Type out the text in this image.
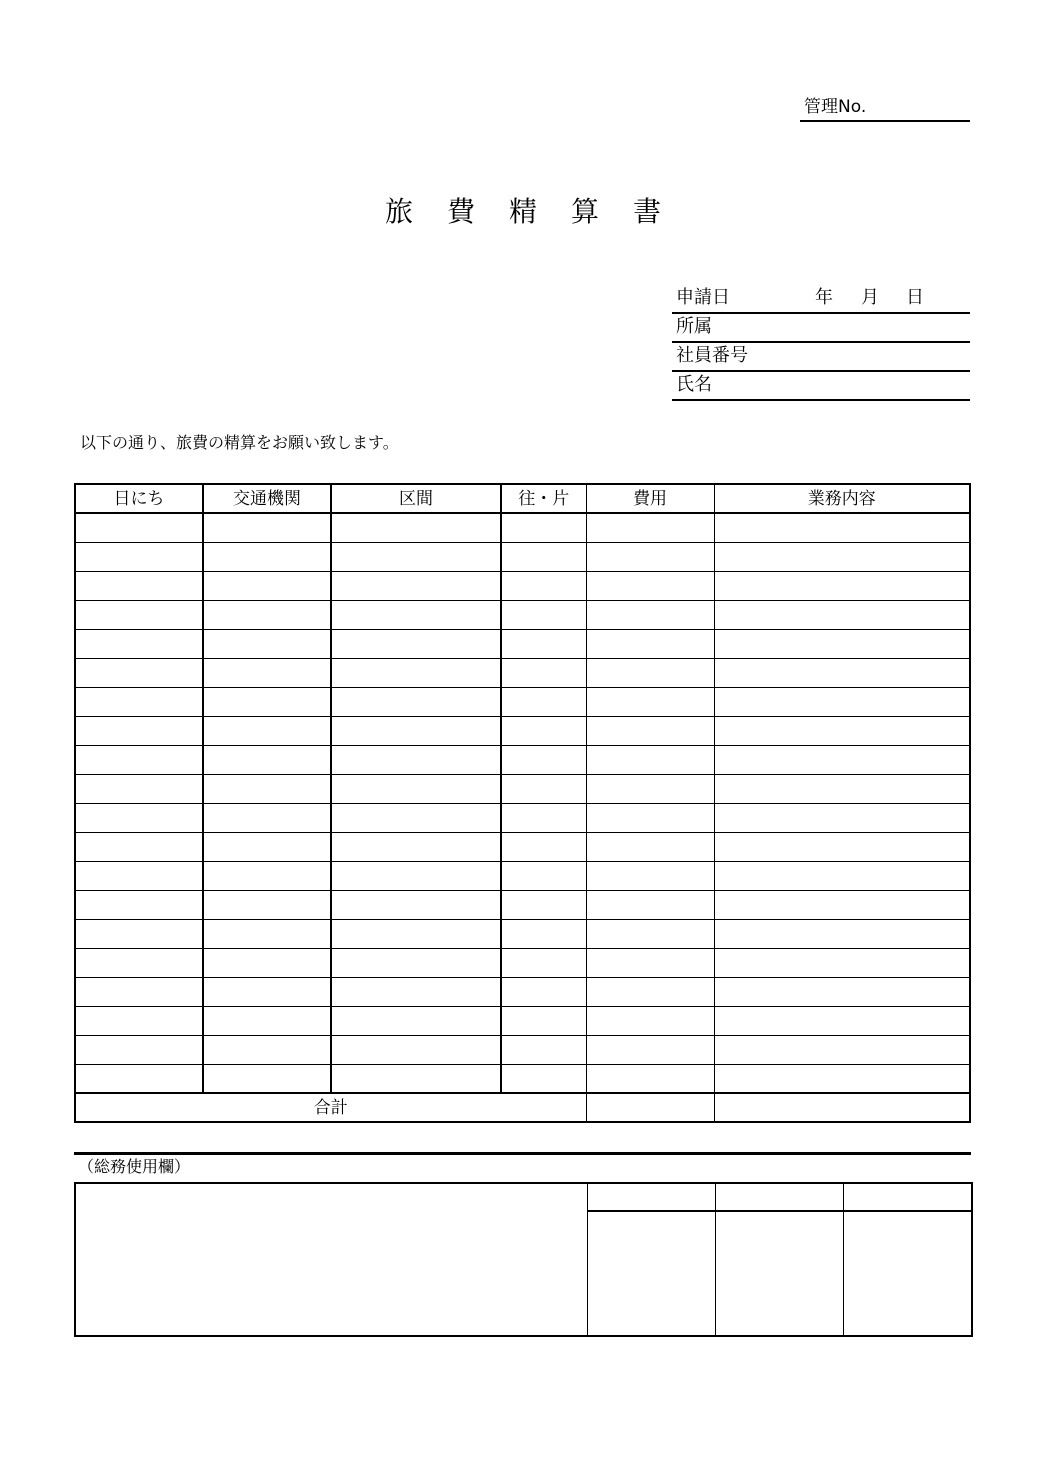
管理No.
旅 費 精 算 書
申請日	年 月 日
所属
社員番号
氏名
以下の通り、旅費の精算をお願い致します。
日にち	交通機関	区間	往・片	費用	業務内容

合計					
（総務使用欄）
